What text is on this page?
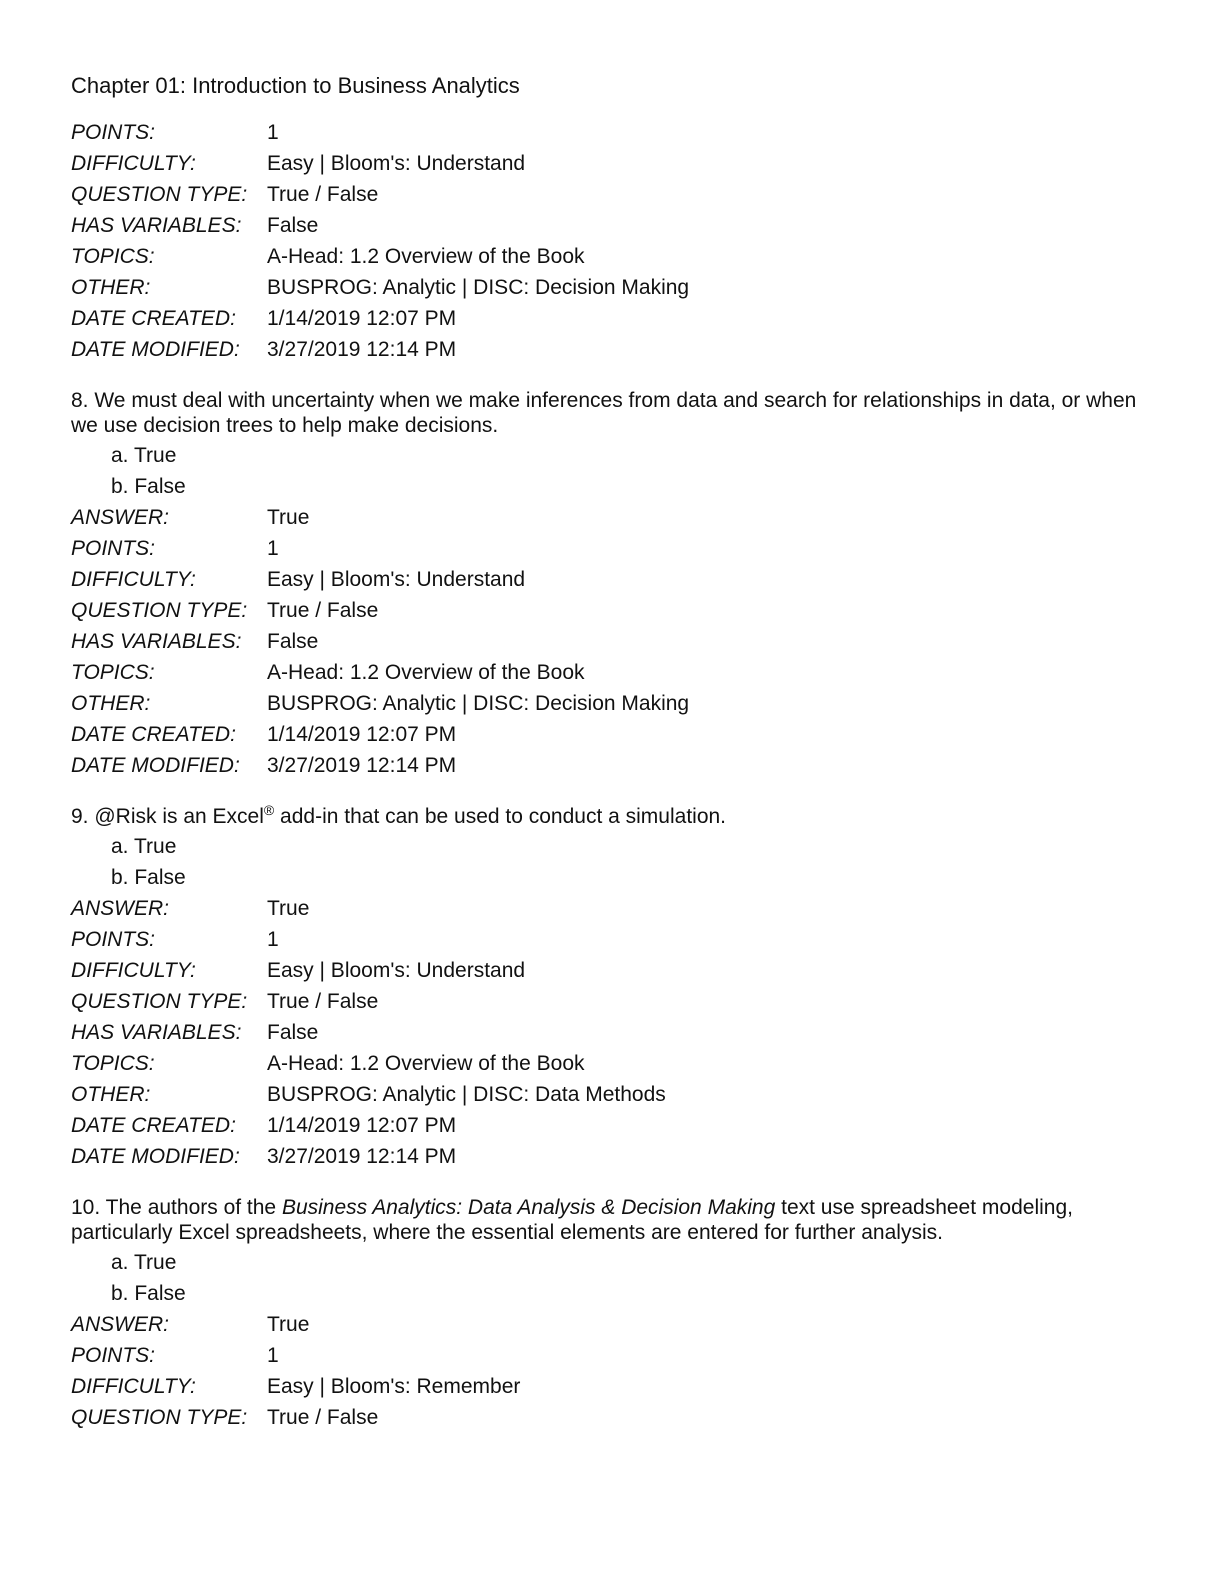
Chapter 01: Introduction to Business Analytics
POINTS:	1
DIFFICULTY:	Easy | Bloom's: Understand
QUESTION TYPE: True / False
HAS VARIABLES:	False
TOPICS:	A-Head: 1.2 Overview of the Book
OTHER:	BUSPROG: Analytic | DISC: Decision Making
DATE CREATED:	1/14/2019 12:07 PM
DATE MODIFIED:	3/27/2019 12:14 PM
8. We must deal with uncertainty when we make inferences from data and search for relationships in data, or when we use decision trees to help make decisions.
a. True
b. False
ANSWER:	True
POINTS:	1
DIFFICULTY:	Easy | Bloom's: Understand
QUESTION TYPE: True / False
HAS VARIABLES:	False
TOPICS:	A-Head: 1.2 Overview of the Book
OTHER:	BUSPROG: Analytic | DISC: Decision Making
DATE CREATED:	1/14/2019 12:07 PM
DATE MODIFIED:	3/27/2019 12:14 PM
9. @Risk is an Excel® add-in that can be used to conduct a simulation.
a. True
b. False
ANSWER:	True
POINTS:	1
DIFFICULTY:	Easy | Bloom's: Understand
QUESTION TYPE: True / False
HAS VARIABLES:	False
TOPICS:	A-Head: 1.2 Overview of the Book
OTHER:	BUSPROG: Analytic | DISC: Data Methods
DATE CREATED:	1/14/2019 12:07 PM
DATE MODIFIED:	3/27/2019 12:14 PM
10. The authors of the Business Analytics: Data Analysis & Decision Making text use spreadsheet modeling, particularly Excel spreadsheets, where the essential elements are entered for further analysis.
a. True
b. False
ANSWER:	True
POINTS:	1
DIFFICULTY:	Easy | Bloom's: Remember
QUESTION TYPE: True / False
